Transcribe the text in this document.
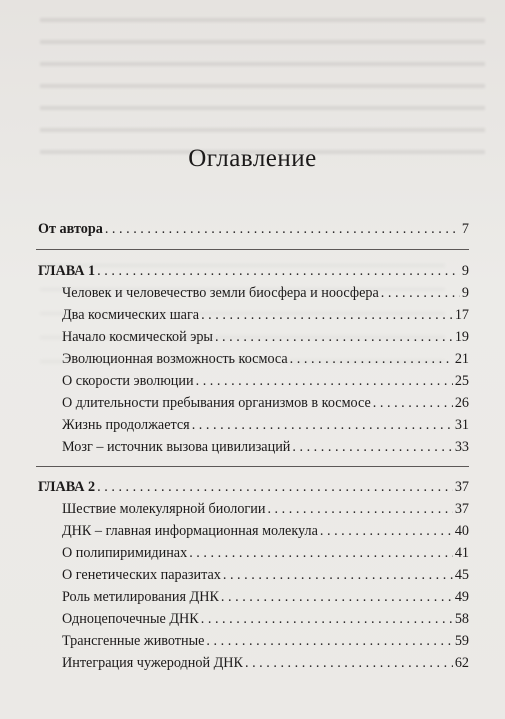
Оглавление
От автора . . .	7
ГЛАВА 1 . . .	9
Человек и человечество земли биосфера и ноосфера . . .	9
Два космических шага . . .	17
Начало космической эры . . .	19
Эволюционная возможность космоса . . .	21
О скорости эволюции . . .	25
О длительности пребывания организмов в космосе . . .	26
Жизнь продолжается . . .	31
Мозг – источник вызова цивилизаций . . .	33
ГЛАВА 2 . . .	37
Шествие молекулярной биологии . . .	37
ДНК – главная информационная молекула . . .	40
О полипиримидинах . . .	41
О генетических паразитах . . .	45
Роль метилирования ДНК . . .	49
Одноцепочечные ДНК . . .	58
Трансгенные животные . . .	59
Интеграция чужеродной ДНК . . .	62
